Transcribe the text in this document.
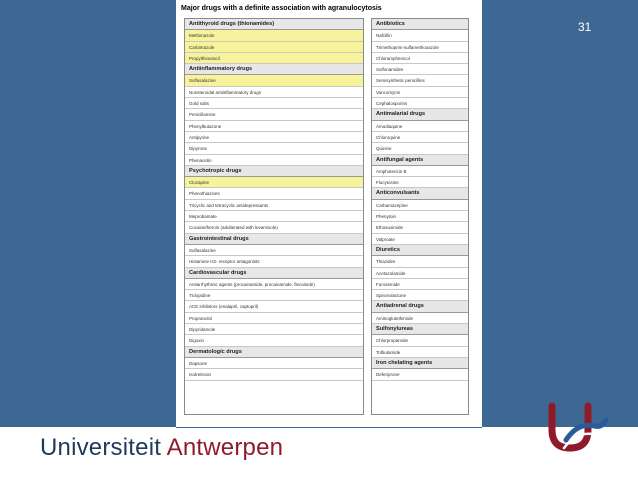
31
Major drugs with a definite association with agranulocytosis
Antithyroid drugs (thionamides)
Methimazole
Carbimazole
Propylthiouracil
Antiinflammatory drugs
Sulfasalazine
Nonsteroidal antiinflammatory drugs
Gold salts
Penicillamine
Phenylbutazone
Antipyrine
Dipyrone
Phenacetin
Psychotropic drugs
Clozapine
Phenothiazines
Tricyclic and tetracyclic antidepressants
Meprobamate
Cocaine/heroin (adulterated with levamisole)
Gastrointestinal drugs
Sulfasalazine
Histamine H2- receptor antagonists
Cardiovascular drugs
Antiarrhythmic agents (procainamide, procainamide, flecainide)
Ticlopidine
ACE inhibitors (enalapril, captopril)
Propranolol
Dipyridamole
Digoxin
Dermatologic drugs
Dapsone
Isotretinoin
Antibiotics
Nafcillin
Trimethoprim-sulfamethoxazole
Chloramphenicol
Sulfonamides
Semisynthetic penicillins
Vancomycin
Cephalosporins
Antimalarial drugs
Amodiaquine
Chloroquine
Quinine
Antifungal agents
Amphotericin B
Flucytosine
Anticonvulsants
Carbamazepine
Phenytoin
Ethosuximide
Valproate
Diuretics
Thiazides
Acetazolamide
Furosemide
Spironolactone
Antiadrenal drugs
Aminoglutethimide
Sulfonylureas
Chlorpropamide
Tolbutamide
Iron chelating agents
Deferiprone
Universiteit Antwerpen
